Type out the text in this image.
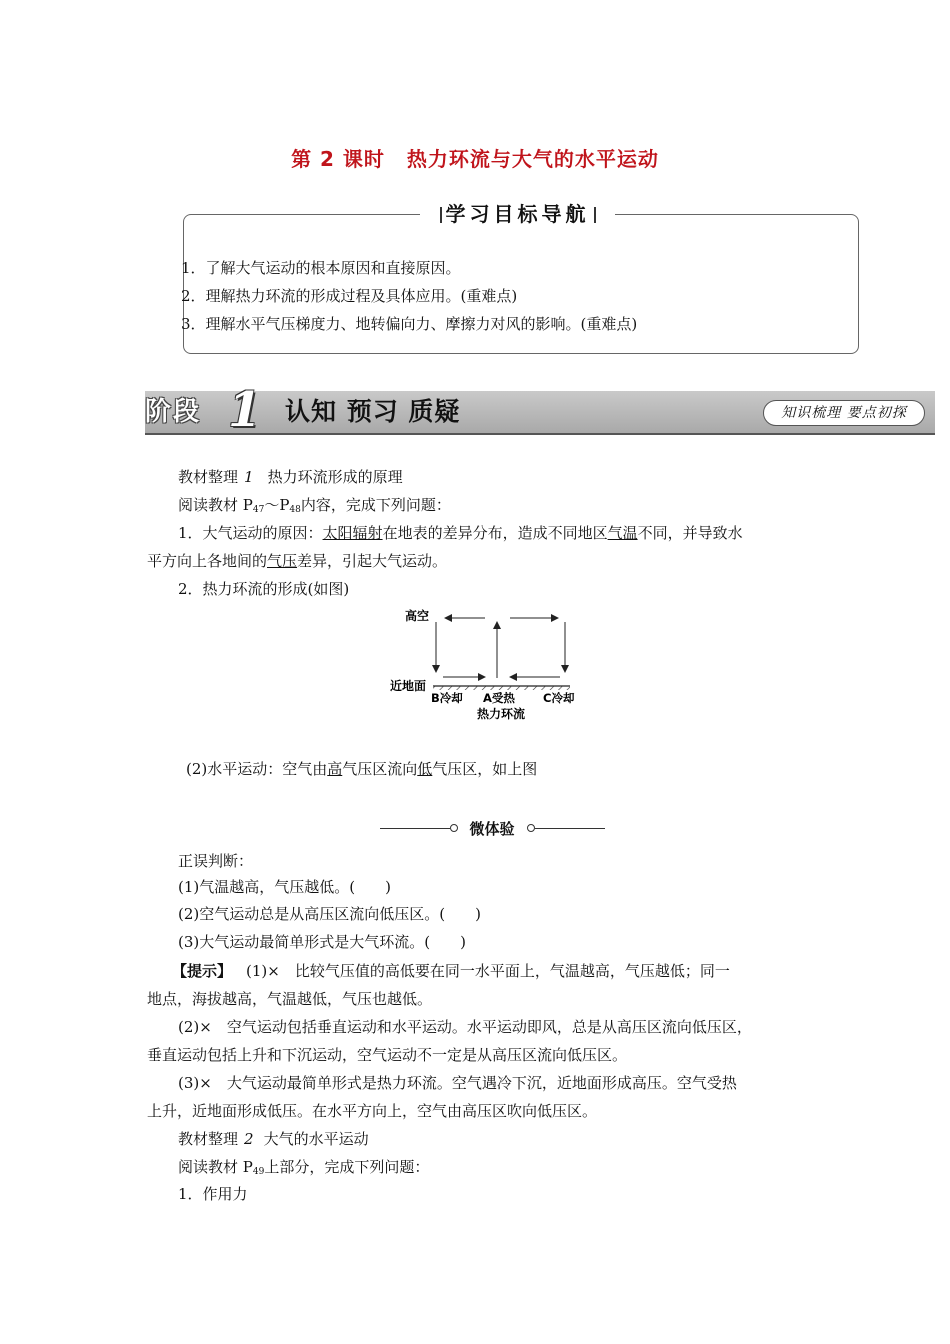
第 2 课时 热力环流与大气的水平运动
学习目标导航
1．了解大气运动的根本原因和直接原因。
2．理解热力环流的形成过程及具体应用。(重难点)
3．理解水平气压梯度力、地转偏向力、摩擦力对风的影响。(重难点)
阶段 1 认知 预习 质疑	知识梳理 要点初探
教材整理 1 热力环流形成的原理
阅读教材 $P_{47}\sim P_{48}$内容，完成下列问题：
1．大气运动的原因：太阳辐射在地表的差异分布，造成不同地区气温不同，并导致水
平方向上各地间的气压差异，引起大气运动。
2．热力环流的形成(如图)
高空
近地面
B冷却 A受热 C冷却
热力环流
(2)水平运动：空气由高气压区流向低气压区，如上图
微体验
正误判断：
(1)气温越高，气压越低。(　　)
(2)空气运动总是从高压区流向低压区。(　　)
(3)大气运动最简单形式是大气环流。(　　)
【提示】 (1)×　比较气压值的高低要在同一水平面上，气温越高，气压越低；同一
地点，海拔越高，气温越低，气压也越低。
(2)×　空气运动包括垂直运动和水平运动。水平运动即风，总是从高压区流向低压区，
垂直运动包括上升和下沉运动，空气运动不一定是从高压区流向低压区。
(3)×　大气运动最简单形式是热力环流。空气遇冷下沉，近地面形成高压。空气受热
上升，近地面形成低压。在水平方向上，空气由高压区吹向低压区。
教材整理 2 大气的水平运动
阅读教材 $P_{49}$上部分，完成下列问题：
1．作用力
